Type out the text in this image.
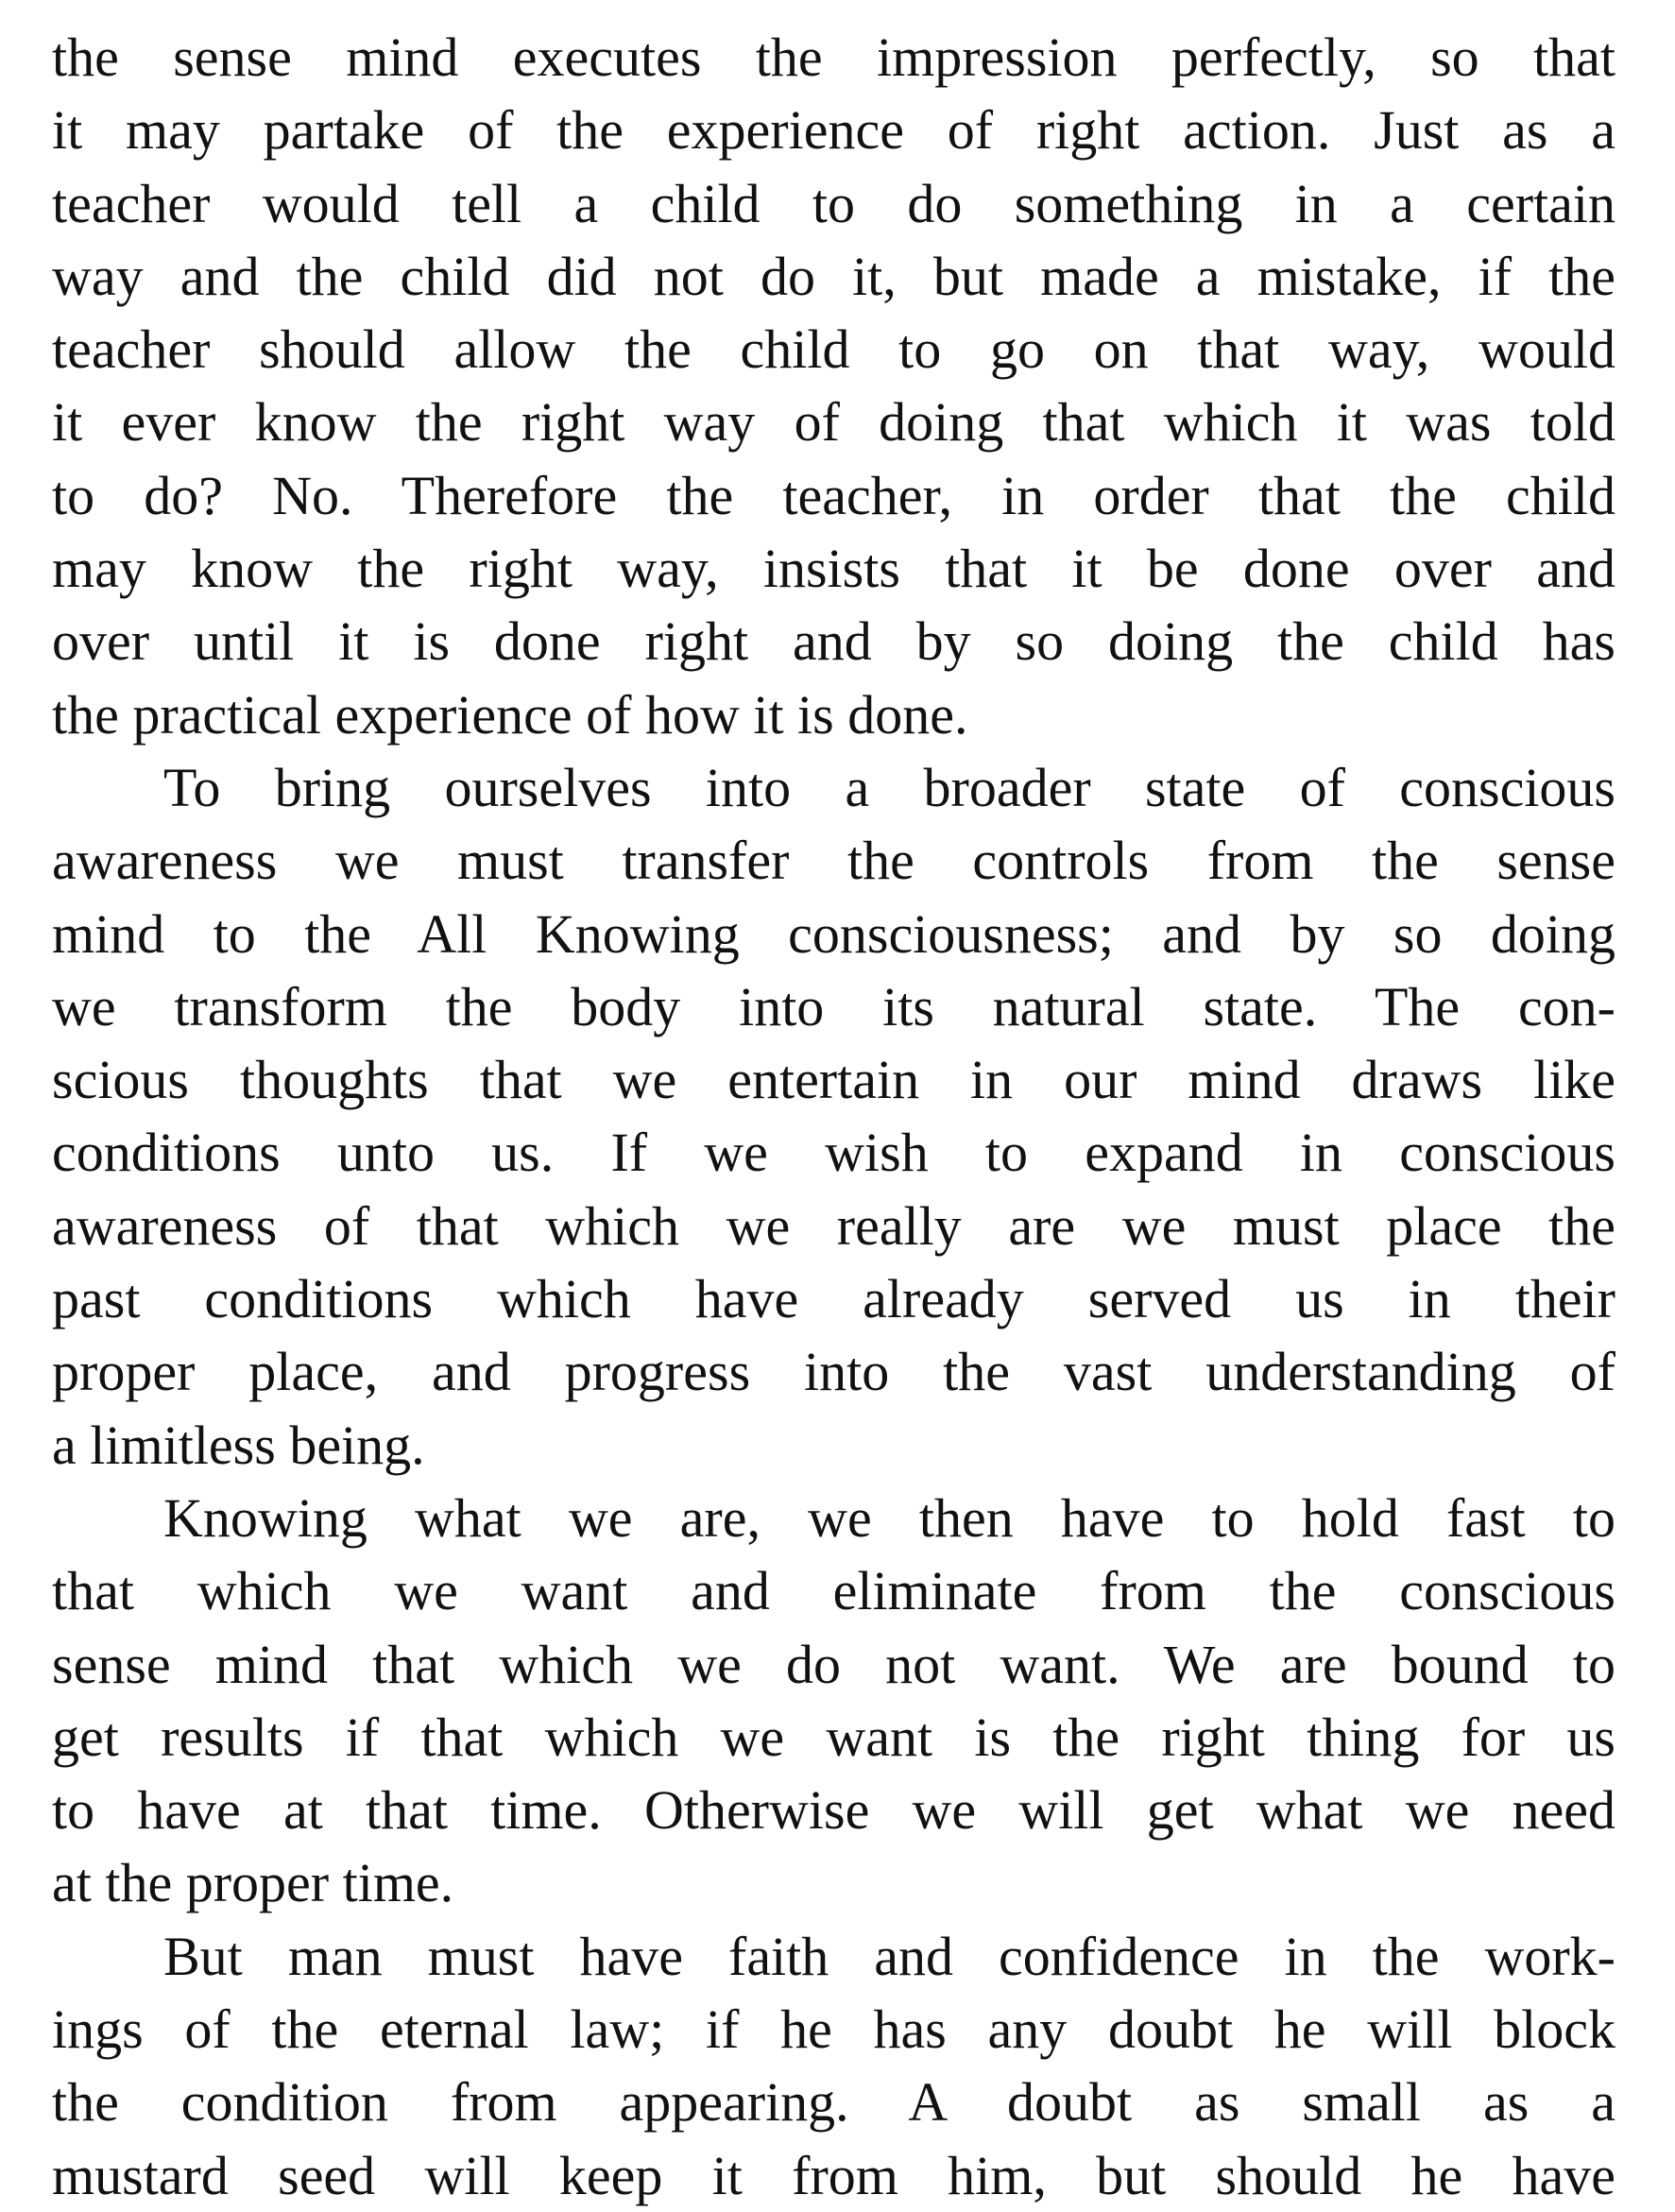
the sense mind executes the impression perfectly, so that
it may partake of the experience of right action. Just as a
teacher would tell a child to do something in a certain
way and the child did not do it, but made a mistake, if the
teacher should allow the child to go on that way, would
it ever know the right way of doing that which it was told
to do? No. Therefore the teacher, in order that the child
may know the right way, insists that it be done over and
over until it is done right and by so doing the child has
the practical experience of how it is done.
To bring ourselves into a broader state of conscious
awareness we must transfer the controls from the sense
mind to the All Knowing consciousness; and by so doing
we transform the body into its natural state. The con-
scious thoughts that we entertain in our mind draws like
conditions unto us. If we wish to expand in conscious
awareness of that which we really are we must place the
past conditions which have already served us in their
proper place, and progress into the vast understanding of
a limitless being.
Knowing what we are, we then have to hold fast to
that which we want and eliminate from the conscious
sense mind that which we do not want. We are bound to
get results if that which we want is the right thing for us
to have at that time. Otherwise we will get what we need
at the proper time.
But man must have faith and confidence in the work-
ings of the eternal law; if he has any doubt he will block
the condition from appearing. A doubt as small as a
mustard seed will keep it from him, but should he have
